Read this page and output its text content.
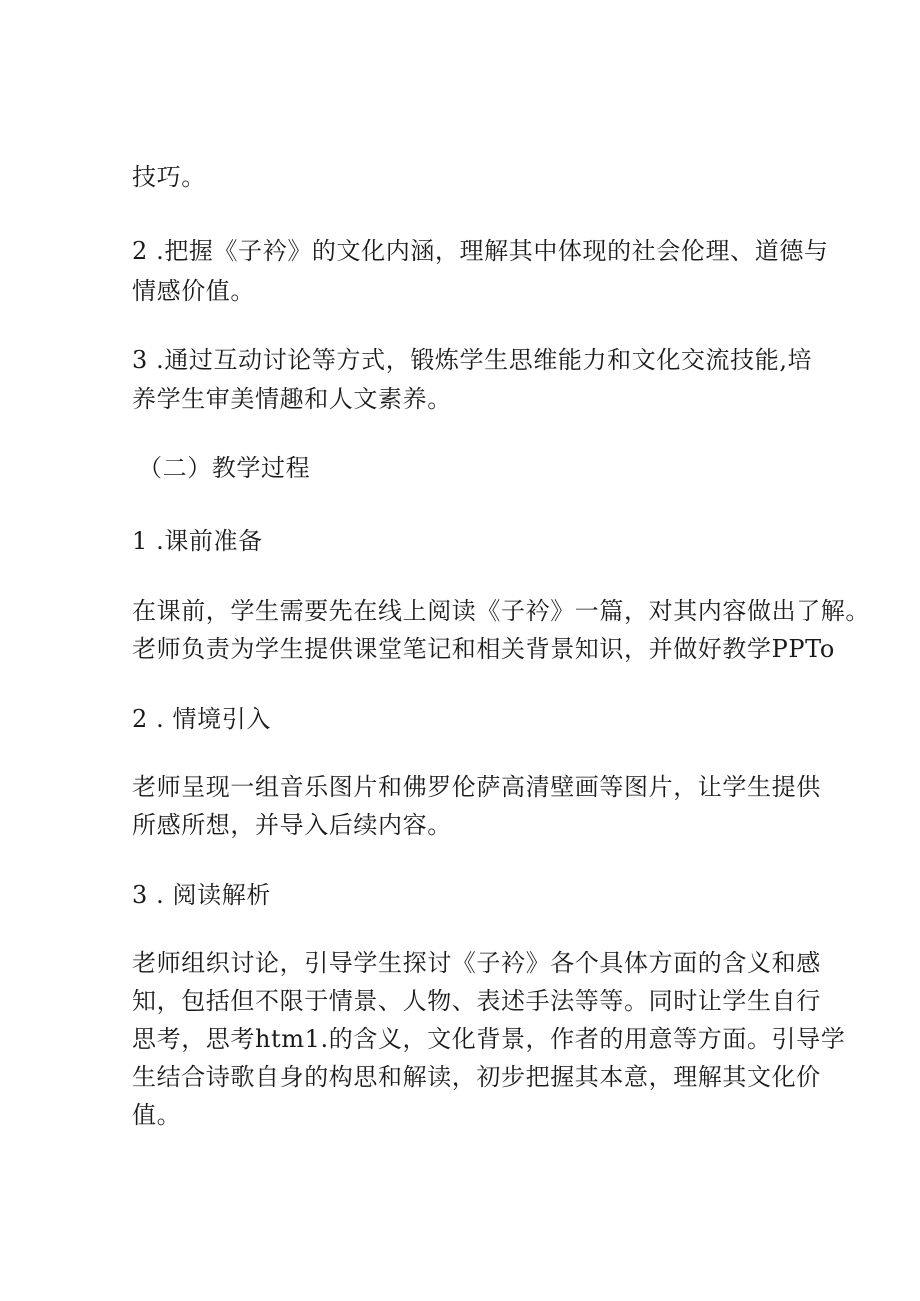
技巧。
2 .把握《子衿》的文化内涵，理解其中体现的社会伦理、道德与
情感价值。
3 .通过互动讨论等方式，锻炼学生思维能力和文化交流技能,培
养学生审美情趣和人文素养。
（二）教学过程
1 .课前准备
在课前，学生需要先在线上阅读《子衿》一篇，对其内容做出了解。
老师负责为学生提供课堂笔记和相关背景知识，并做好教学PPTo
2 . 情境引入
老师呈现一组音乐图片和佛罗伦萨高清壁画等图片，让学生提供
所感所想，并导入后续内容。
3 . 阅读解析
老师组织讨论，引导学生探讨《子衿》各个具体方面的含义和感
知，包括但不限于情景、人物、表述手法等等。同时让学生自行
思考，思考htm1.的含义，文化背景，作者的用意等方面。引导学
生结合诗歌自身的构思和解读，初步把握其本意，理解其文化价
值。
